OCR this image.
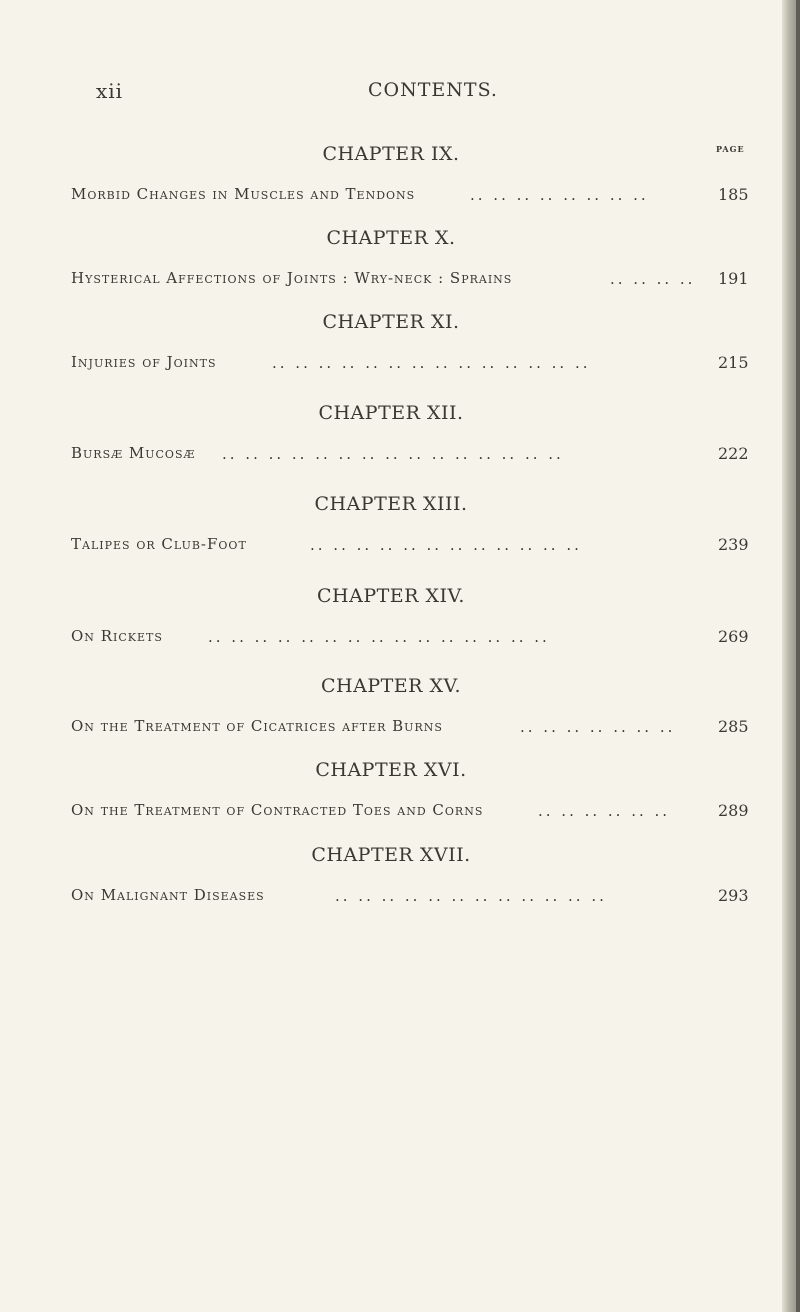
xii	CONTENTS.
PAGE
CHAPTER IX.
Morbid Changes in Muscles and Tendons	.. .. .. .. .. .. .. ..	185
CHAPTER X.
Hysterical Affections of Joints : Wry-neck : Sprains	.. .. .. .. 191
CHAPTER XI.
Injuries of Joints	.. .. .. .. .. .. .. .. .. .. .. .. .. ..	215
CHAPTER XII.
Bursæ Mucosæ .. .. .. .. .. .. .. .. .. .. .. .. .. .. ..	222
CHAPTER XIII.
Talipes or Club-Foot	.. .. .. .. .. .. .. .. .. .. .. ..	239
CHAPTER XIV.
On Rickets	.. .. .. .. .. .. .. .. .. .. .. .. .. .. ..	269
CHAPTER XV.
On the Treatment of Cicatrices after Burns	.. .. .. .. .. .. ..	285
CHAPTER XVI.
On the Treatment of Contracted Toes and Corns	.. .. .. .. .. ..	289
CHAPTER XVII.
On Malignant Diseases	.. .. .. .. .. .. .. .. .. .. .. ..	293
